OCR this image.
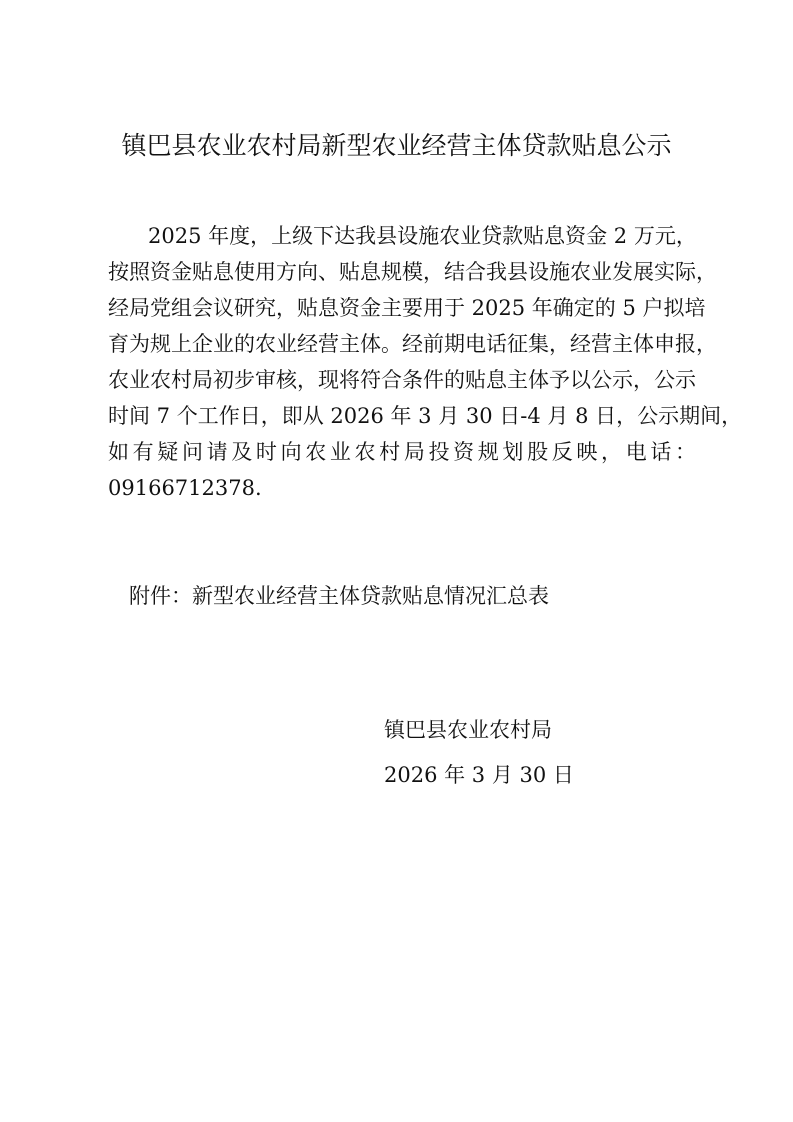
镇巴县农业农村局新型农业经营主体贷款贴息公示
2025 年度，上级下达我县设施农业贷款贴息资金 2 万元，
按照资金贴息使用方向、贴息规模，结合我县设施农业发展实际，
经局党组会议研究，贴息资金主要用于 2025 年确定的 5 户拟培
育为规上企业的农业经营主体。经前期电话征集，经营主体申报，
农业农村局初步审核，现将符合条件的贴息主体予以公示，公示
时间 7 个工作日，即从 2026 年 3 月 30 日-4 月 8 日，公示期间，
如有疑问请及时向农业农村局投资规划股反映，电话：
09166712378.
附件：新型农业经营主体贷款贴息情况汇总表
镇巴县农业农村局
2026 年 3 月 30 日
